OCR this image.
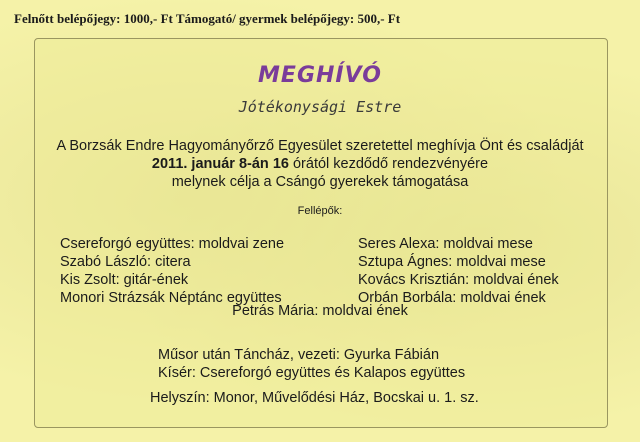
Felnőtt belépőjegy: 1000,- Ft Támogató/ gyermek belépőjegy: 500,- Ft
MEGHÍVÓ
Jótékonysági Estre
A Borzsák Endre Hagyományőrző Egyesület szeretettel meghívja Önt és családját
2011. január 8-án 16 órától kezdődő rendezvényére
melynek célja a Csángó gyerekek támogatása
Fellépők:
Csereforgó együttes: moldvai zene
Szabó László: citera
Kis Zsolt: gitár-ének
Monori Strázsák Néptánc együttes
Seres Alexa: moldvai mese
Sztupa Ágnes: moldvai mese
Kovács Krisztián: moldvai ének
Orbán Borbála: moldvai ének
Petrás Mária: moldvai ének
Műsor után Táncház, vezeti: Gyurka Fábián
Kísér: Csereforgó együttes és Kalapos együttes
Helyszín: Monor, Művelődési Ház, Bocskai u. 1. sz.
